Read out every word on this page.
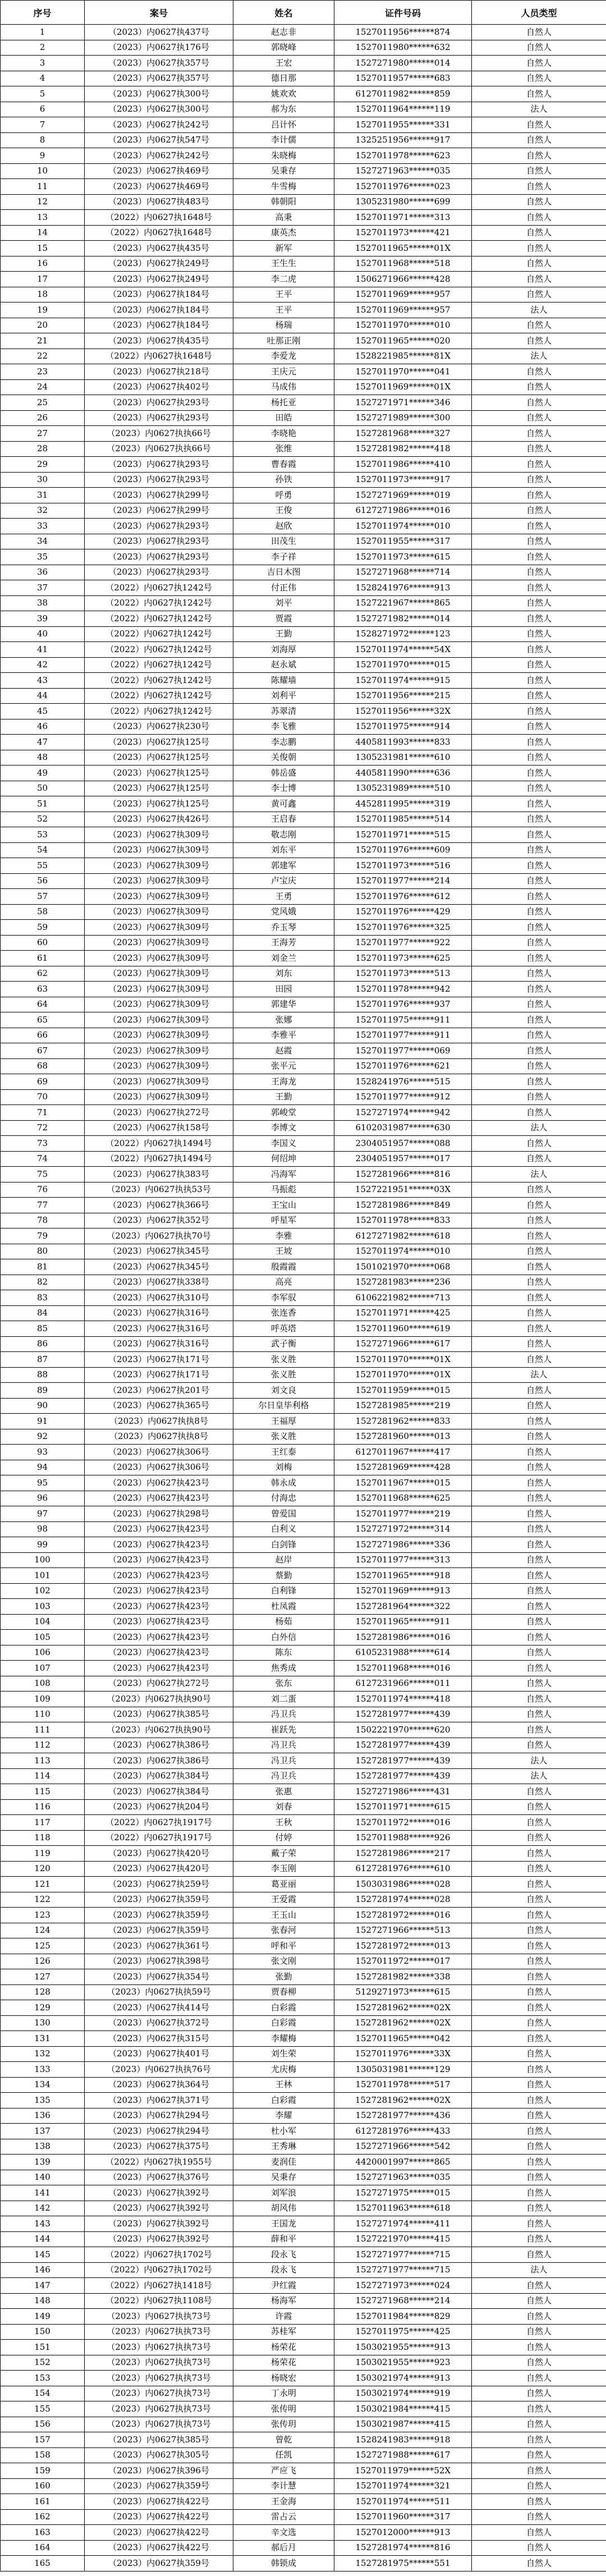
序号	案号	姓名	证件号码	人员类型
1	（2023）内0627执437号	赵志非	1527011956******874	自然人
2	（2023）内0627执176号	郭晓峰	1527011980******632	自然人
3	（2023）内0627执357号	王宏	1527271980******014	自然人
4	（2023）内0627执357号	德日那	1527011957******683	自然人
5	（2023）内0627执300号	姚欢欢	6127011982******859	自然人
6	（2023）内0627执300号	郝为东	1527011964******119	法人
7	（2023）内0627执242号	吕计怀	1527011955******331	自然人
8	（2023）内0627执547号	李计儒	1325251956******917	自然人
9	（2023）内0627执242号	朱晓梅	1527011978******623	自然人
10	（2023）内0627执469号	吴秉存	1527271963******035	自然人
11	（2023）内0627执469号	牛雪梅	1527011976******023	自然人
12	（2023）内0627执483号	韩朝阳	1305231980******699	自然人
13	（2022）内0627执1648号	高秉	1527011971******313	自然人
14	（2022）内0627执1648号	康英杰	1527011973******421	自然人
15	（2023）内0627执435号	新军	1527011965******01X	自然人
16	（2023）内0627执249号	王生生	1527011968******518	自然人
17	（2023）内0627执249号	李二虎	1506271966******428	自然人
18	（2023）内0627执184号	王平	1527011969******957	自然人
19	（2023）内0627执184号	王平	1527011969******957	法人
20	（2023）内0627执184号	杨瑞	1527011970******010	自然人
21	（2023）内0627执435号	吐那正刚	1527011965******020	自然人
22	（2022）内0627执1648号	李爱龙	1528221985******81X	法人
23	（2023）内0627执218号	王庆元	1527011970******041	自然人
24	（2023）内0627执402号	马成伟	1527011969******01X	自然人
25	（2023）内0627执293号	杨托亚	1527271971******346	自然人
26	（2023）内0627执293号	田皓	1527271989******300	自然人
27	（2023）内0627执执66号	李晓艳	1527281968******327	自然人
28	（2023）内0627执执66号	张维	1527281982******418	自然人
29	（2023）内0627执293号	曹春霞	1527011986******410	自然人
30	（2023）内0627执293号	孙铁	1527011973******917	自然人
31	（2023）内0627执299号	呼勇	1527271969******019	自然人
32	（2023）内0627执299号	王俊	6127271986******016	自然人
33	（2023）内0627执293号	赵欣	1527011974******010	自然人
34	（2023）内0627执293号	田茂生	1527011955******317	自然人
35	（2023）内0627执293号	李子祥	1527011973******615	自然人
36	（2023）内0627执293号	吉日木图	1527271968******714	自然人
37	（2022）内0627执1242号	付正伟	1528241976******913	自然人
38	（2022）内0627执1242号	刘平	1527221967******865	自然人
39	（2022）内0627执1242号	贾霞	1527271982******014	自然人
40	（2022）内0627执1242号	王勤	1528271972******123	自然人
41	（2022）内0627执1242号	刘海厚	1527011974******54X	自然人
42	（2022）内0627执1242号	赵永斌	1527011970******015	自然人
43	（2022）内0627执1242号	陈耀墙	1527011974******915	自然人
44	（2022）内0627执1242号	刘利平	1527011956******215	自然人
45	（2022）内0627执1242号	苏翠清	1527011956******32X	自然人
46	（2023）内0627执230号	李飞雅	1527011975******914	自然人
47	（2023）内0627执125号	李志鹏	4405811993******833	自然人
48	（2023）内0627执125号	关俊朝	1305231981******610	自然人
49	（2023）内0627执125号	韩岳盛	4405811990******636	自然人
50	（2023）内0627执125号	李士博	1305231989******510	自然人
51	（2023）内0627执125号	黄可鑫	4452811995******319	自然人
52	（2023）内0627执426号	王启春	1527011985******514	自然人
53	（2023）内0627执309号	敬志刚	1527011971******515	自然人
54	（2023）内0627执309号	刘东平	1527011976******609	自然人
55	（2023）内0627执309号	郭建军	1527011973******516	自然人
56	（2023）内0627执309号	卢宝庆	1527011977******214	自然人
57	（2023）内0627执309号	王勇	1527011976******612	自然人
58	（2023）内0627执309号	党风娥	1527011976******429	自然人
59	（2023）内0627执309号	乔玉琴	1527011976******325	自然人
60	（2023）内0627执309号	王海芳	1527011977******922	自然人
61	（2023）内0627执309号	刘金兰	1527011973******625	自然人
62	（2023）内0627执309号	刘东	1527011973******513	自然人
63	（2023）内0627执309号	田园	1527011978******942	自然人
64	（2023）内0627执309号	郭建华	1527011976******937	自然人
65	（2023）内0627执309号	张娜	1527011975******911	自然人
66	（2023）内0627执309号	李雅平	1527011977******911	自然人
67	（2023）内0627执309号	赵霞	1527011977******069	自然人
68	（2023）内0627执309号	张平元	1527011976******621	自然人
69	（2023）内0627执309号	王海龙	1528241976******515	自然人
70	（2023）内0627执309号	王勤	1527011977******912	自然人
71	（2023）内0627执272号	郭峻堂	1527271974******942	自然人
72	（2023）内0627执158号	李博文	6102031987******630	法人
73	（2022）内0627执1494号	李国义	2304051957******088	自然人
74	（2022）内0627执1494号	何绍坤	2304051957******017	自然人
75	（2023）内0627执383号	冯海军	1527281966******816	法人
76	（2023）内0627执执53号	马振彪	1527221951******03X	自然人
77	（2023）内0627执366号	王宝山	1527281986******849	自然人
78	（2023）内0627执352号	呼星军	1527011978******833	自然人
79	（2023）内0627执执70号	李雅	6127271982******618	自然人
80	（2023）内0627执345号	王坡	1527011974******010	自然人
81	（2023）内0627执345号	殷霞霞	1501021970******068	自然人
82	（2023）内0627执338号	高亮	1527281983******236	自然人
83	（2023）内0627执310号	李军驭	6106221982******713	自然人
84	（2023）内0627执316号	张连香	1527011971******425	自然人
85	（2023）内0627执316号	呼英塔	1527011960******619	自然人
86	（2023）内0627执316号	武子衡	1527271966******617	自然人
87	（2023）内0627执171号	张义胜	1527011970******01X	自然人
88	（2023）内0627执171号	张义胜	1527011970******01X	法人
89	（2023）内0627执201号	刘文良	1527011959******015	自然人
90	（2023）内0627执365号	尔日皇毕利格	1527281985******219	自然人
91	（2023）内0627执执8号	王福厚	1527281962******833	自然人
92	（2023）内0627执执8号	张义胜	1527281960******013	自然人
93	（2023）内0627执306号	王红泰	6127011967******417	自然人
94	（2023）内0627执306号	刘梅	1527281969******428	自然人
95	（2023）内0627执423号	韩永成	1527011967******015	自然人
96	（2023）内0627执423号	付海忠	1527011968******625	自然人
97	（2023）内0627执298号	曾爱国	1527011977******219	自然人
98	（2023）内0627执423号	白利义	1527271972******314	自然人
99	（2023）内0627执423号	白剑锋	1527271986******336	自然人
100	（2023）内0627执423号	赵岸	1527011977******313	自然人
101	（2023）内0627执423号	蔡勤	1527011965******918	自然人
102	（2023）内0627执423号	白利锋	1527011969******913	自然人
103	（2023）内0627执423号	杜凤霞	1527281964******322	自然人
104	（2023）内0627执423号	杨茹	1527011965******911	自然人
105	（2023）内0627执423号	白外信	1527281986******016	自然人
106	（2023）内0627执423号	陈东	6105231988******614	自然人
107	（2023）内0627执423号	焦秀成	1527011968******016	自然人
108	（2023）内0627执272号	张东	6127231966******011	自然人
109	（2023）内0627执执90号	刘二蛋	1527011974******418	自然人
110	（2023）内0627执385号	冯卫兵	1527281977******439	自然人
111	（2023）内0627执执90号	崔跃先	1502221970******620	自然人
112	（2023）内0627执386号	冯卫兵	1527281977******439	自然人
113	（2023）内0627执386号	冯卫兵	1527281977******439	法人
114	（2023）内0627执384号	冯卫兵	1527281977******439	法人
115	（2023）内0627执384号	张惠	1527271986******431	自然人
116	（2023）内0627执204号	刘春	1527011971******615	自然人
117	（2022）内0627执1917号	王秋	1527011972******016	自然人
118	（2022）内0627执1917号	付婷	1527011988******926	自然人
119	（2023）内0627执420号	戴子荣	1527281986******217	自然人
120	（2023）内0627执420号	李玉刚	6127281976******610	自然人
121	（2023）内0627执259号	葛亚丽	1503031986******028	自然人
122	（2023）内0627执359号	王爱霞	1527281974******028	自然人
123	（2023）内0627执359号	王玉山	1527281972******016	自然人
124	（2023）内0627执359号	张春河	1527271966******513	自然人
125	（2023）内0627执361号	呼和平	1527281972******013	自然人
126	（2023）内0627执398号	张文刚	1527011972******017	自然人
127	（2023）内0627执354号	张勤	1527281982******338	自然人
128	（2023）内0627执执59号	贾春柳	5129271973******615	自然人
129	（2023）内0627执414号	白彩霞	1527281962******02X	自然人
130	（2023）内0627执372号	白彩霞	1527281962******02X	自然人
131	（2023）内0627执315号	李耀梅	1527011965******042	自然人
132	（2023）内0627执401号	刘生荣	1527011976******33X	自然人
133	（2023）内0627执执76号	尤庆梅	1305031981******129	自然人
134	（2023）内0627执364号	王林	1527011978******517	自然人
135	（2023）内0627执371号	白彩霞	1527281962******02X	自然人
136	（2023）内0627执294号	李耀	1527281977******436	自然人
137	（2023）内0627执294号	杜小军	6127281976******433	自然人
138	（2023）内0627执375号	王秀琳	1527271966******542	自然人
139	（2022）内0627执1955号	麦润佳	4420001997******865	自然人
140	（2023）内0627执376号	吴秉存	1527271963******035	自然人
141	（2023）内0627执392号	刘军浪	1527271975******015	自然人
142	（2023）内0627执392号	胡风伟	1527011963******618	自然人
143	（2023）内0627执392号	王国龙	1527271974******411	自然人
144	（2023）内0627执392号	薛和平	1527221970******415	自然人
145	（2022）内0627执1702号	段永飞	1527271977******715	自然人
146	（2022）内0627执1702号	段永飞	1527271977******715	法人
147	（2022）内0627执1418号	尹红霞	1527271973******024	自然人
148	（2022）内0627执1108号	杨海军	1527271968******214	自然人
149	（2023）内0627执执73号	许霞	1527011984******829	自然人
150	（2023）内0627执执73号	苏桂军	1527011975******425	自然人
151	（2023）内0627执执73号	杨荣花	1503021955******913	自然人
152	（2023）内0627执执73号	杨荣花	1503021955******923	自然人
153	（2023）内0627执执73号	杨晓宏	1503021974******913	自然人
154	（2023）内0627执执73号	丁永明	1503021974******919	自然人
155	（2023）内0627执执73号	张传明	1503021984******415	自然人
156	（2023）内0627执执73号	张传玥	1503021987******415	自然人
157	（2023）内0627执385号	曾乾	1528241983******918	自然人
158	（2023）内0627执305号	任凯	1527271988******617	自然人
159	（2023）内0627执396号	严应飞	1527011979******52X	自然人
160	（2023）内0627执359号	李计慧	1527011974******321	自然人
161	（2023）内0627执422号	王金海	1527011974******511	自然人
162	（2023）内0627执422号	雷占云	1527011960******317	自然人
163	（2023）内0627执422号	辛文选	1527012000******913	自然人
164	（2023）内0627执422号	郝后月	1527281974******816	自然人
165	（2023）内0627执359号	韩锁成	1527281975******551	自然人
